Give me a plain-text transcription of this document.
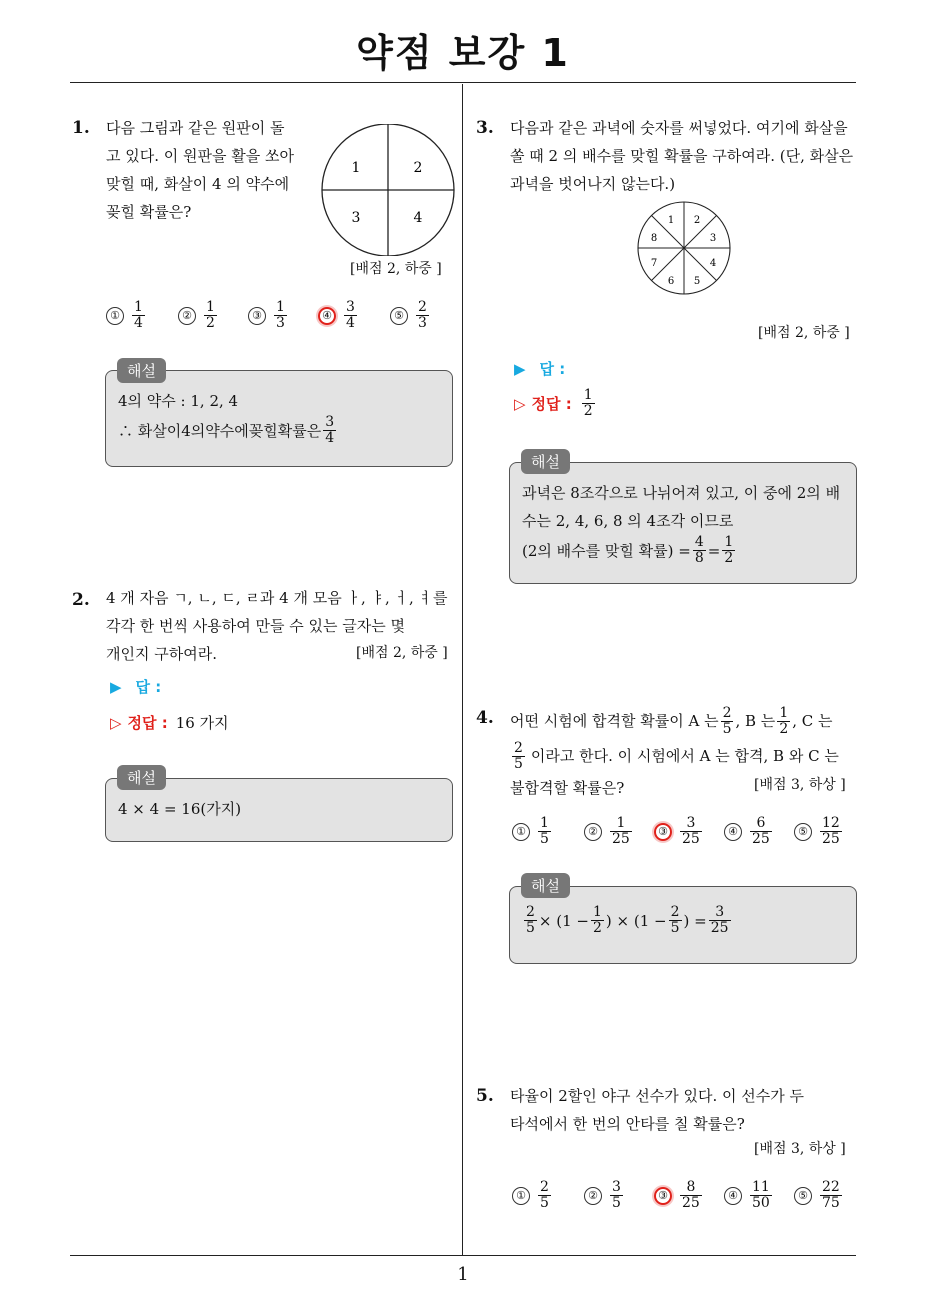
약점 보강 1
1
1. 다음 그림과 같은 원판이 돌
고 있다. 이 원판을 활을 쏘아
맞힐 때, 화살이 4 의 약수에
꽂힐 확률은?
1	2
3	4
[배점 2, 하중 ]
① $\frac{1}{4}$	② $\frac{1}{2}$	③ $\frac{1}{3}$	④ $\frac{3}{4}$	⑤ $\frac{2}{3}$
4의 약수 : 1, 2, 4
∴ 화살이4의약수에꽂힐확률은 $\frac{3}{4}$
해설
2. 4 개 자음 ㄱ, ㄴ, ㄷ, ㄹ과 4 개 모음 ㅏ, ㅑ, ㅓ, ㅕ를
각각 한 번씩 사용하여 만들 수 있는 글자는 몇
개인지 구하여라.	[배점 2, 하중 ]
▶ 답 :
▷ 정답 : 16 가지
4 × 4 = 16(가지)
해설
3. 다음과 같은 과녁에 숫자를 써넣었다. 여기에 화살을
쏠 때 2 의 배수를 맞힐 확률을 구하여라. (단, 화살은
과녁을 벗어나지 않는다.)
1 2
3
4
5
6
7
8
[배점 2, 하중 ]
▶ 답 :
▷ 정답 : $\frac{1}{2}$
과녁은 8조각으로 나뉘어져 있고, 이 중에 2의 배
수는 2, 4, 6, 8 의 4조각 이므로
(2의 배수를 맞힐 확률) = $\frac{4}{8} = \frac{1}{2}$
해설
4. 어떤 시험에 합격할 확률이 A 는 $\frac{2}{5}$ , B 는 $\frac{1}{2}$ , C 는
$\frac{2}{5}$ 이라고 한다. 이 시험에서 A 는 합격, B 와 C 는
불합격할 확률은?	[배점 3, 하상 ]
① $\frac{1}{5}$	② $\frac{1}{25}$	③ $\frac{3}{25}$	④ $\frac{6}{25}$	⑤ $\frac{12}{25}$
$\frac{2}{5} \times (1 - \frac{1}{2}$ ) × ($1 - \frac{2}{5}$ ) = $\frac{3}{25}$
해설
5. 타율이 2할인 야구 선수가 있다. 이 선수가 두
타석에서 한 번의 안타를 칠 확률은?
[배점 3, 하상 ]
① $\frac{2}{5}$	② $\frac{3}{5}$	③ $\frac{8}{25}$	④ $\frac{11}{50}$	⑤ $\frac{22}{75}$
